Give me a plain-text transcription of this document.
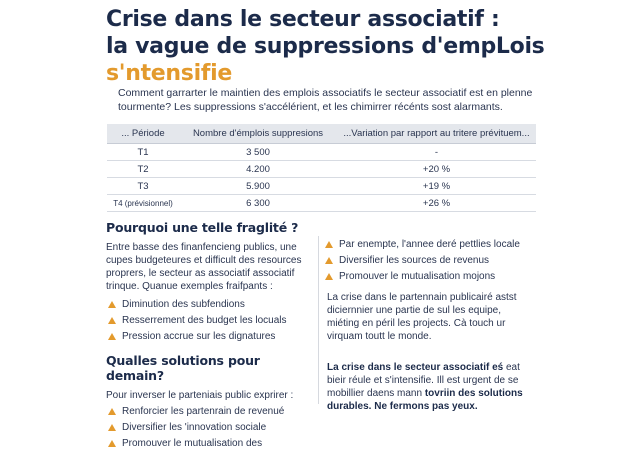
Crise dans le secteur associatif :
la vague de suppressions d'empLois
s'ntensifie
Comment garrarter le maintien des emplois associatifs le secteur associatif est en plenne tourmente? Les suppressions s'accélérient, et les chimirrer récénts sost alarmants.
... Période	Nombre d'émplois suppresions	...Variation par rapport au tritere prévituem...
T1	3 500	-
T2	4.200	+20 %
T3	5.900	+19 %
T4 (prévisionnel)	6 300	+26 %
Pourquoi une telle fraglité ?

Entre basse des finanfencieng publics, une cupes budgeteures et difficult des resources proprers, le secteur as associatif associatif trinque. Quanue exemples fraifpants :

Diminution des subfendions
Resserrement des budget les locuals
Pression accrue sur les dignatures
Qualles solutions pour demain?

Pour inverser le parteniais public exprirer :

Renforcier les partenrain de revenué
Diversifier les 'innovation sociale
Promouver le mutualisation des
Par enempte, l'annee deré pettlies locale
Diversifier les sources de revenus
Promouver le mutualisation mojons

La crise dans le partennain publicairé astst diciernnier une partie de sul les equipe, miéting en péril les projects. Cà touch ur virquam toutt le monde.

La crise dans le secteur associatif eś eat bieir réule et s'intensifie. Ill est urgent de se mobillier daens mann tovriin des solutions durables. Ne fermons pas yeux.
